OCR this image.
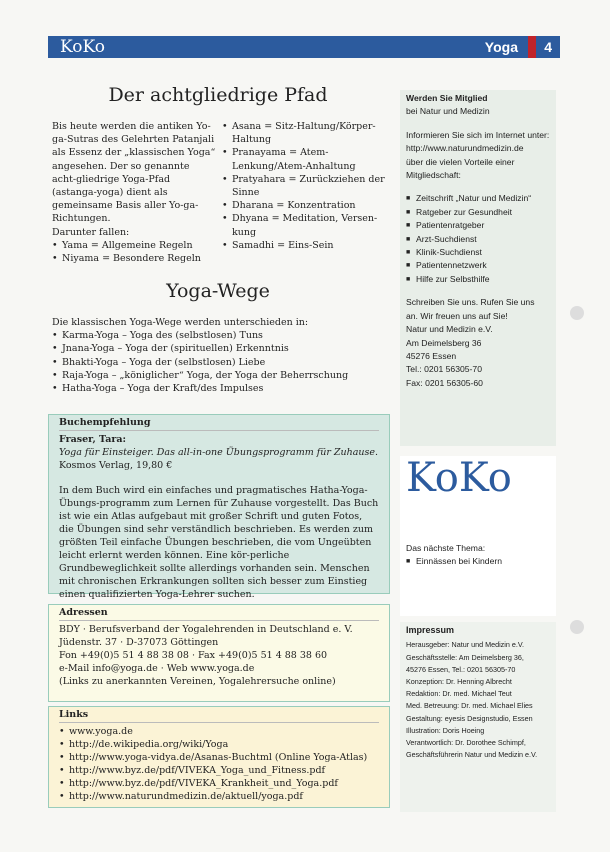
KoKo	Yoga 4
Der achtgliedrige Pfad

Bis heute werden die antiken Yo-ga-Sutras des Gelehrten Patanjali als Essenz der „klassischen Yoga“ angesehen. Der so genannte acht-gliedrige Yoga-Pfad (astanga-yoga) dient als gemeinsame Basis aller Yo-ga-Richtungen.

Darunter fallen:

• Yama = Allgemeine Regeln
• Niyama = Besondere Regeln
• Asana = Sitz-Haltung/Körper-Haltung
• Pranayama = Atem-Lenkung/Atem-Anhaltung
• Pratyahara = Zurückziehen der Sinne
• Dharana = Konzentration
• Dhyana = Meditation, Versen-kung
• Samadhi = Eins-Sein
Yoga-Wege

Die klassischen Yoga-Wege werden unterschieden in:

• Karma-Yoga – Yoga des (selbstlosen) Tuns
• Jnana-Yoga – Yoga der (spirituellen) Erkenntnis
• Bhakti-Yoga – Yoga der (selbstlosen) Liebe
• Raja-Yoga – „königlicher“ Yoga, der Yoga der Beherrschung
• Hatha-Yoga – Yoga der Kraft/des Impulses
Buchempfehlung
Fraser, Tara:
Yoga für Einsteiger. Das all-in-one Übungsprogramm für Zuhause.
Kosmos Verlag, 19,80 €
In dem Buch wird ein einfaches und pragmatisches Hatha-Yoga-Übungs-programm zum Lernen für Zuhause vorgestellt. Das Buch ist wie ein Atlas aufgebaut mit großer Schrift und guten Fotos, die Übungen sind sehr verständlich beschrieben. Es werden zum größten Teil einfache Übungen beschrieben, die vom Ungeübten leicht erlernt werden können. Eine kör-perliche Grundbeweglichkeit sollte allerdings vorhanden sein. Menschen mit chronischen Erkrankungen sollten sich besser zum Einstieg einen qualifizierten Yoga-Lehrer suchen.
Adressen
BDY · Berufsverband der Yogalehrenden in Deutschland e. V.
Jüdenstr. 37 · D-37073 Göttingen
Fon +49(0)5 51 4 88 38 08 · Fax +49(0)5 51 4 88 38 60
e-Mail info@yoga.de · Web www.yoga.de
(Links zu anerkannten Vereinen, Yogalehrersuche online)
Links
• www.yoga.de
• http://de.wikipedia.org/wiki/Yoga
• http://www.yoga-vidya.de/Asanas-Buchtml (Online Yoga-Atlas)
• http://www.byz.de/pdf/VIVEKA_Yoga_und_Fitness.pdf
• http://www.byz.de/pdf/VIVEKA_Krankheit_und_Yoga.pdf
• http://www.naturundmedizin.de/aktuell/yoga.pdf
Werden Sie Mitglied
bei Natur und Medizin
Informieren Sie sich im Internet unter:
http://www.naturundmedizin.de
über die vielen Vorteile einer Mitgliedschaft:
■ Zeitschrift „Natur und Medizin“
■ Ratgeber zur Gesundheit
■ Patientenratgeber
■ Arzt-Suchdienst
■ Klinik-Suchdienst
■ Patientennetzwerk
■ Hilfe zur Selbsthilfe
Schreiben Sie uns. Rufen Sie uns
an. Wir freuen uns auf Sie!
Natur und Medizin e.V.
Am Deimelsberg 36
45276 Essen
Tel.: 0201 56305-70
Fax: 0201 56305-60
KoKo
Das nächste Thema:
■ Einnässen bei Kindern
Impressum
Herausgeber: Natur und Medizin e.V.
Geschäftsstelle: Am Deimelsberg 36,
45276 Essen, Tel.: 0201 56305-70
Konzeption: Dr. Henning Albrecht
Redaktion: Dr. med. Michael Teut
Med. Betreuung: Dr. med. Michael Elies
Gestaltung: eyesis Designstudio, Essen
Illustration: Doris Hoeing
Verantwortlich: Dr. Dorothee Schimpf,
Geschäftsführerin Natur und Medizin e.V.
